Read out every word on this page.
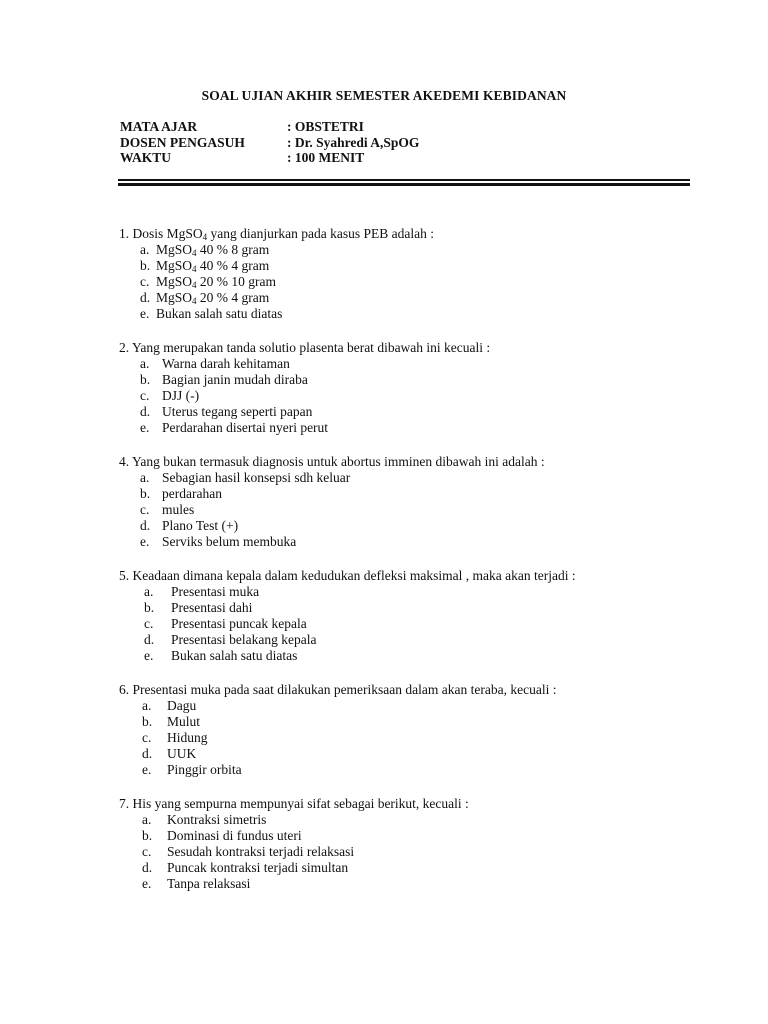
SOAL UJIAN AKHIR SEMESTER AKEDEMI KEBIDANAN
MATA AJAR	: OBSTETRI
DOSEN PENGASUH	: Dr. Syahredi A,SpOG
WAKTU	: 100 MENIT
1. Dosis MgSO$_4$ yang dianjurkan pada kasus PEB adalah :
a. MgSO$_4$ 40 % 8 gram
b. MgSO$_4$ 40 % 4 gram
c. MgSO$_4$ 20 % 10 gram
d. MgSO$_4$ 20 % 4 gram
e. Bukan salah satu diatas
2. Yang merupakan tanda solutio plasenta berat dibawah ini kecuali :
a. Warna darah kehitaman
b. Bagian janin mudah diraba
c. DJJ (-)
d. Uterus tegang seperti papan
e. Perdarahan disertai nyeri perut
4. Yang bukan termasuk diagnosis untuk abortus imminen dibawah ini adalah :
a. Sebagian hasil konsepsi sdh keluar
b. perdarahan
c. mules
d. Plano Test (+)
e. Serviks belum membuka
5. Keadaan dimana kepala dalam kedudukan defleksi maksimal , maka akan terjadi :
a. Presentasi muka
b. Presentasi dahi
c. Presentasi puncak kepala
d. Presentasi belakang kepala
e. Bukan salah satu diatas
6. Presentasi muka pada saat dilakukan pemeriksaan dalam akan teraba, kecuali :
a. Dagu
b. Mulut
c. Hidung
d. UUK
e. Pinggir orbita
7. His yang sempurna mempunyai sifat sebagai berikut, kecuali :
a. Kontraksi simetris
b. Dominasi di fundus uteri
c. Sesudah kontraksi terjadi relaksasi
d. Puncak kontraksi terjadi simultan
e. Tanpa relaksasi
